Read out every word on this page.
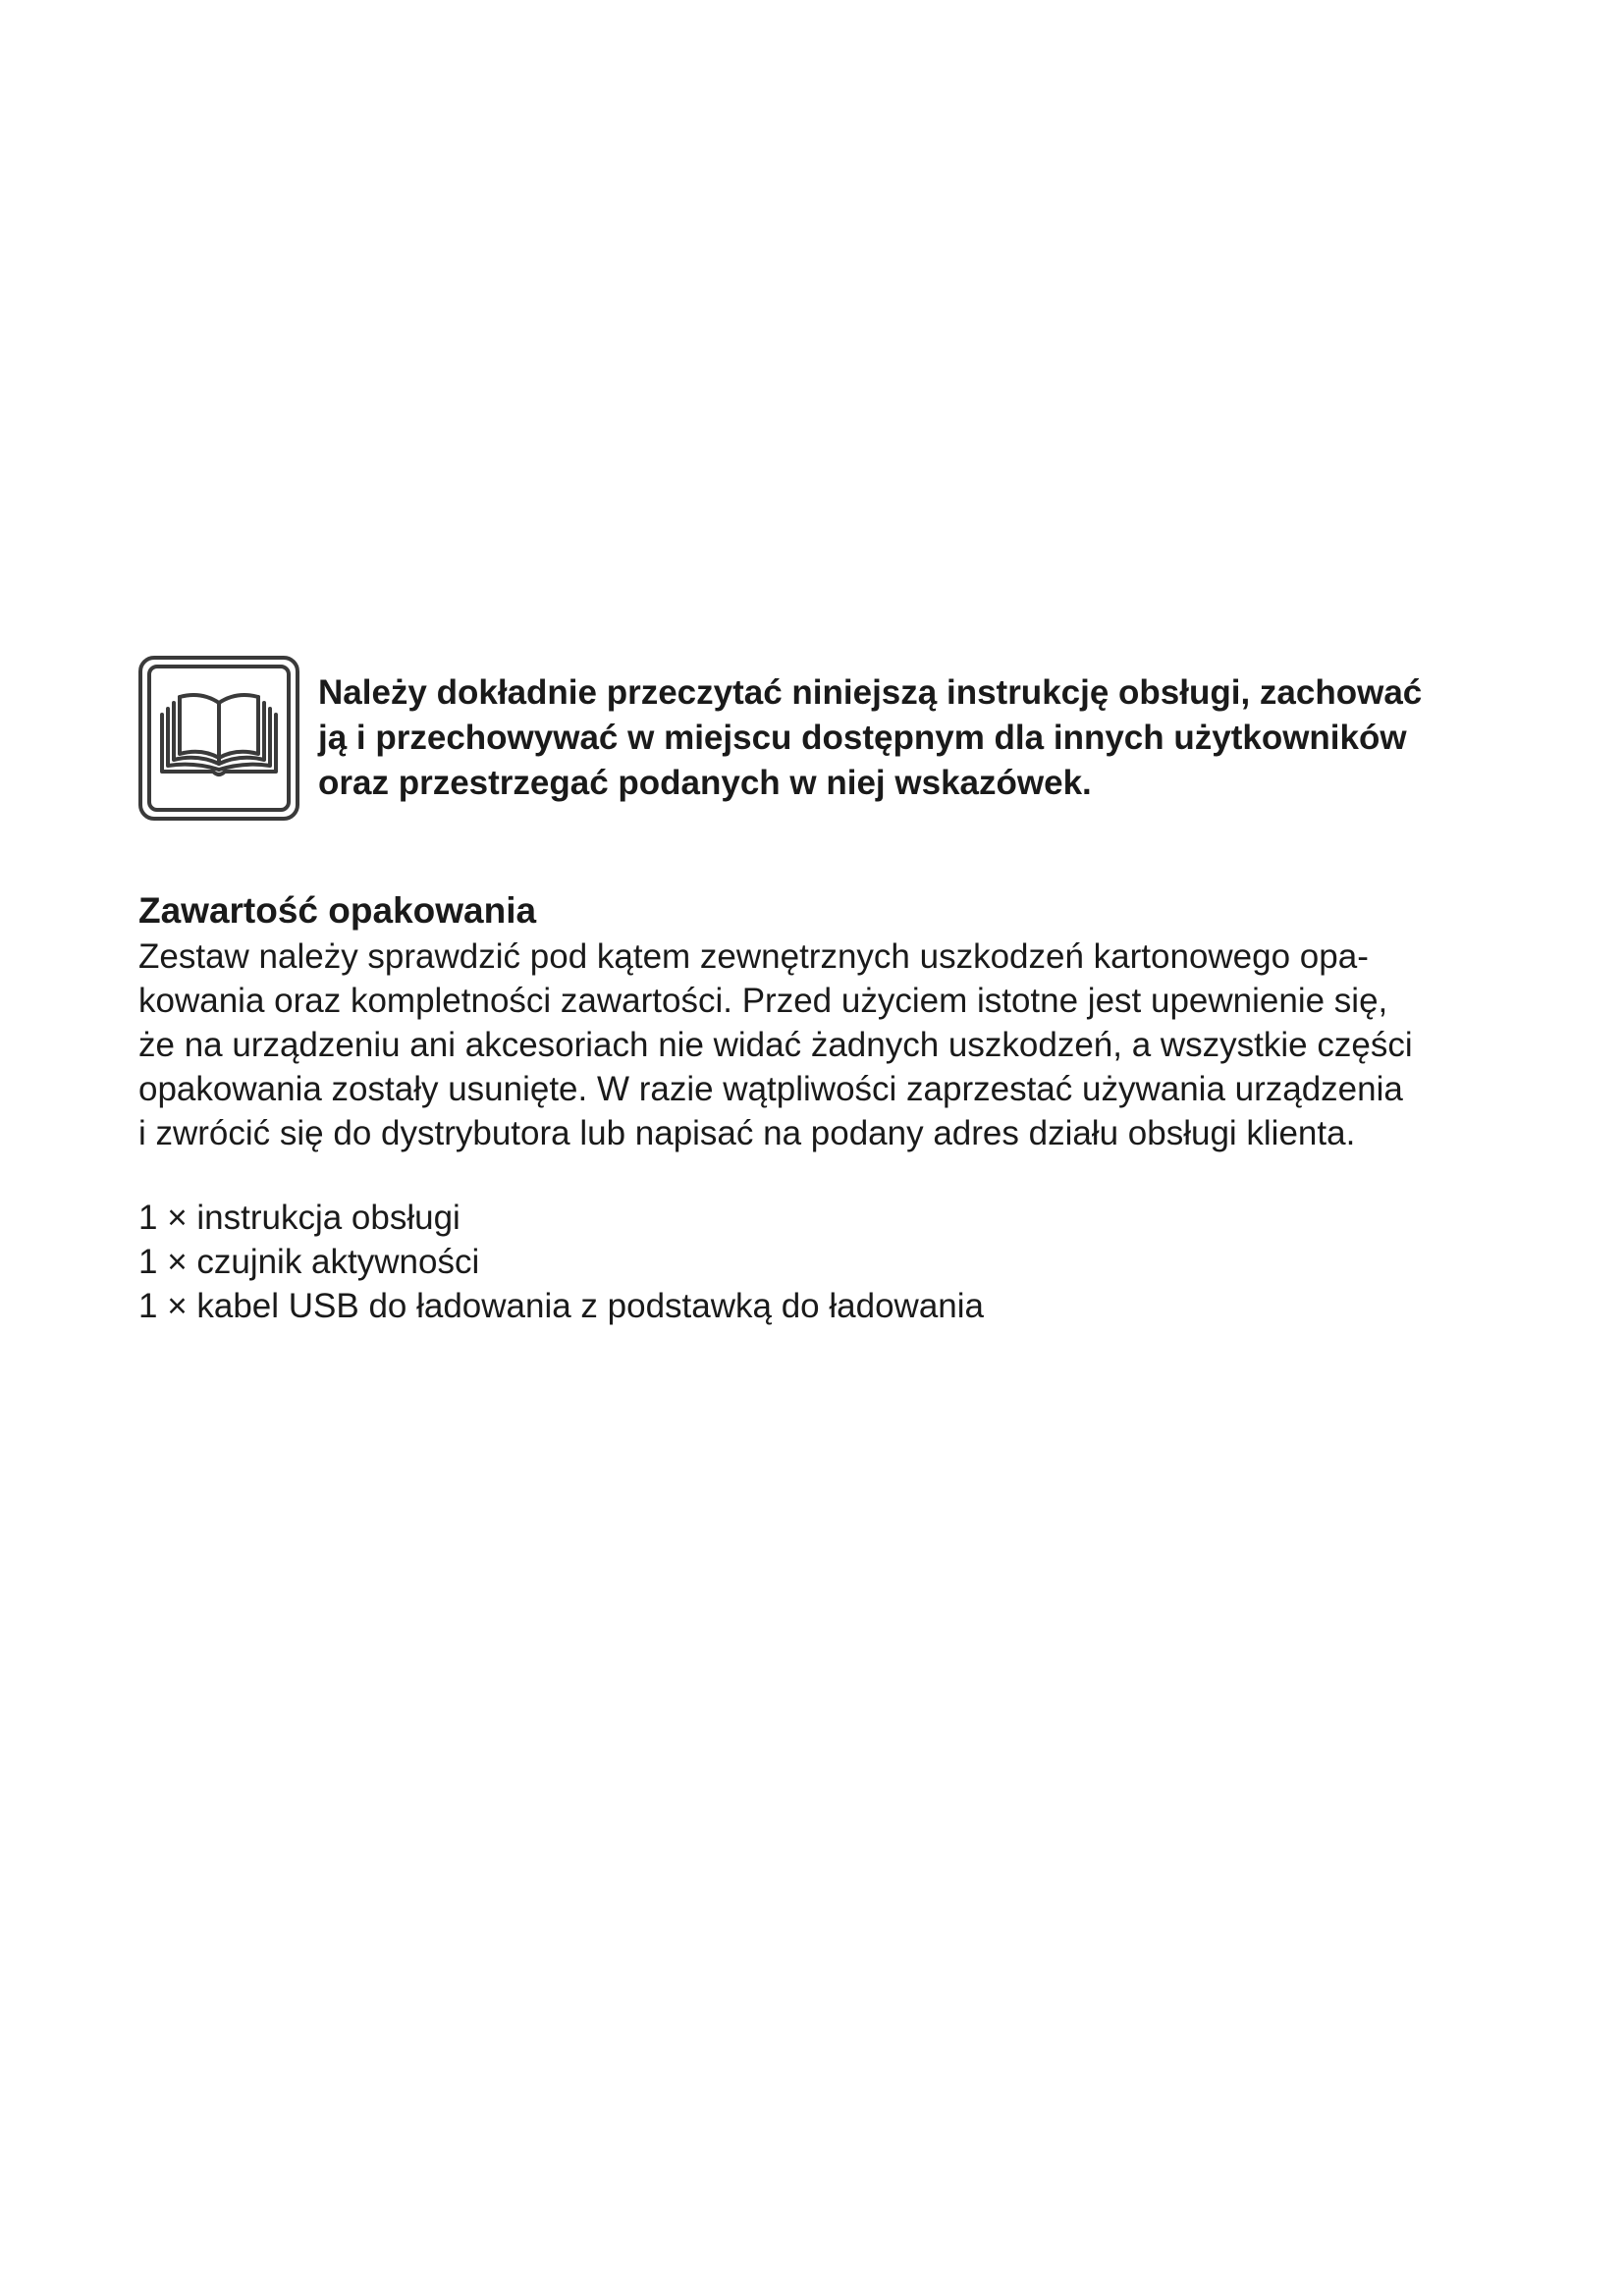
Należy dokładnie przeczytać niniejszą instrukcję obsługi, zachować
ją i przechowywać w miejscu dostępnym dla innych użytkowników
oraz przestrzegać podanych w niej wskazówek.

Zawartość opakowania

Zestaw należy sprawdzić pod kątem zewnętrznych uszkodzeń kartonowego opa-
kowania oraz kompletności zawartości. Przed użyciem istotne jest upewnienie się,
że na urządzeniu ani akcesoriach nie widać żadnych uszkodzeń, a wszystkie części
opakowania zostały usunięte. W razie wątpliwości zaprzestać używania urządzenia
i zwrócić się do dystrybutora lub napisać na podany adres działu obsługi klienta.

1 × instrukcja obsługi
1 × czujnik aktywności
1 × kabel USB do ładowania z podstawką do ładowania
